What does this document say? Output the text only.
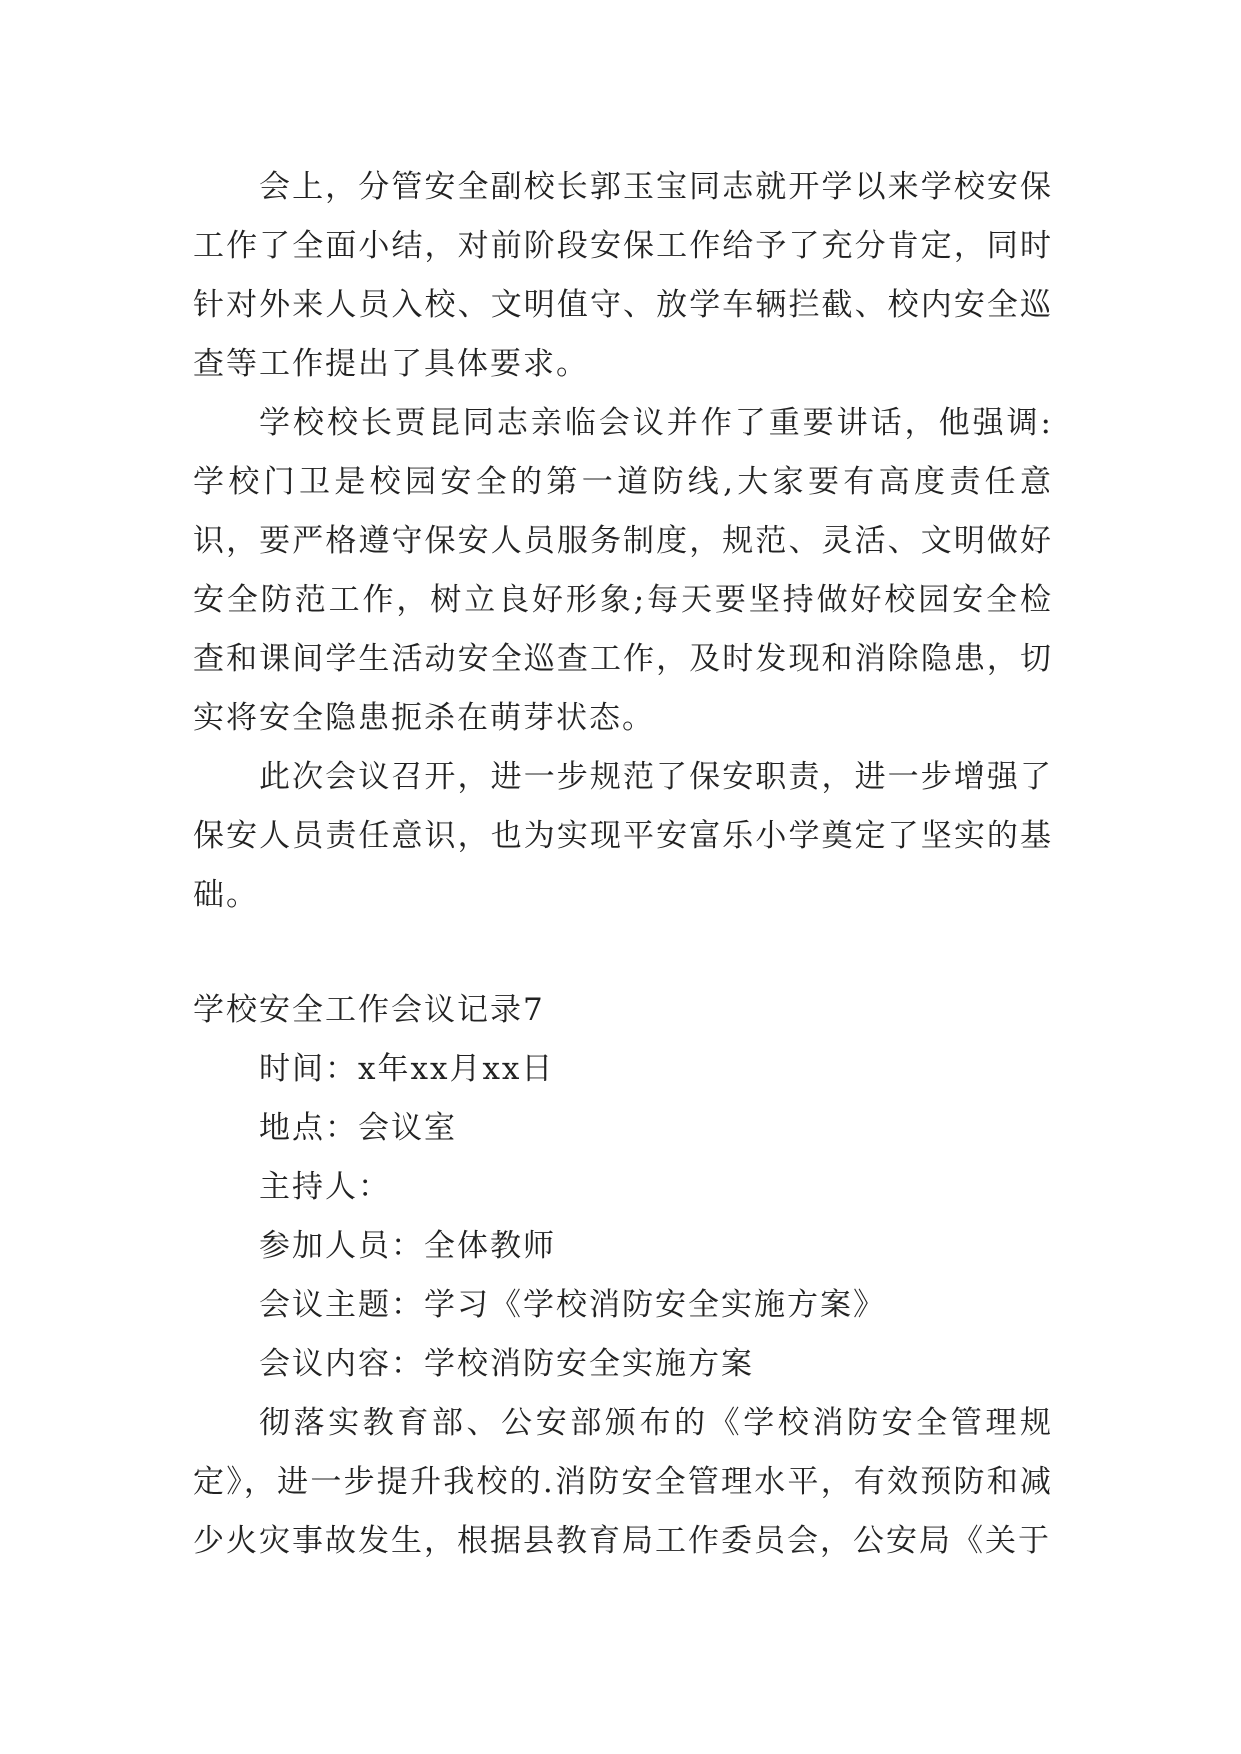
会上，分管安全副校长郭玉宝同志就开学以来学校安保工作了全面小结，对前阶段安保工作给予了充分肯定，同时针对外来人员入校、文明值守、放学车辆拦截、校内安全巡查等工作提出了具体要求。

学校校长贾昆同志亲临会议并作了重要讲话，他强调:学校门卫是校园安全的第一道防线,大家要有高度责任意识，要严格遵守保安人员服务制度，规范、灵活、文明做好安全防范工作，树立良好形象;每天要坚持做好校园安全检查和课间学生活动安全巡查工作，及时发现和消除隐患，切实将安全隐患扼杀在萌芽状态。

此次会议召开，进一步规范了保安职责，进一步增强了保安人员责任意识，也为实现平安富乐小学奠定了坚实的基础。

学校安全工作会议记录7

时间：x年xx月xx日

地点：会议室

主持人：

参加人员：全体教师

会议主题：学习《学校消防安全实施方案》

会议内容：学校消防安全实施方案

彻落实教育部、公安部颁布的《学校消防安全管理规定》，进一步提升我校的.消防安全管理水平，有效预防和减少火灾事故发生，根据县教育局工作委员会，公安局《关于
